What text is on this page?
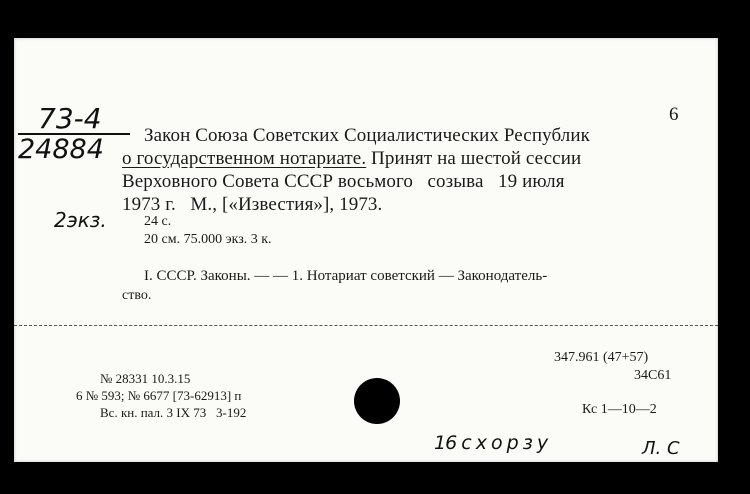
73-4
24884
2экз.
6
Закон Союза Советских Социалистических Республик
о государственном нотариате. Принят на шестой сессии
Верховного Совета СССР восьмого   созыва   19 июля
1973 г.   М., [«Известия»], 1973.
24 с.
20 см. 75.000 экз. 3 к.
I. СССР. Законы. — — 1. Нотариат советский — Законодатель-
ство.
347.961 (47+57)
34С61
№ 28331 10.3.15
6 № 593; № 6677 [73-62913] п
Вс. кн. пал. 3 IX 73   3-192	Кс 1—10—2
16 с х о р з у	Л. С
